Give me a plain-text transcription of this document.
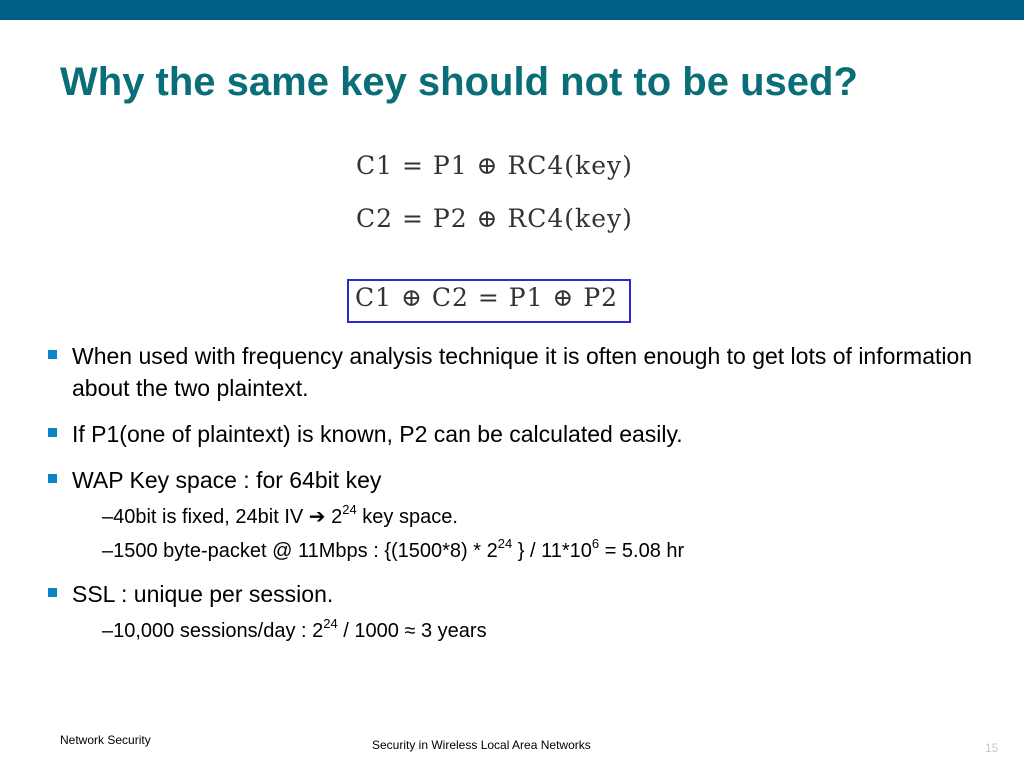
Why the same key should not to be used?
C1 = P1 ⊕ RC4(key)
C2 = P2 ⊕ RC4(key)
C1 ⊕ C2 = P1 ⊕ P2
When used with frequency analysis technique it is often enough to get lots of information about the two plaintext.
If P1(one of plaintext) is known, P2 can be calculated easily.
WAP Key space : for 64bit key
–40bit is fixed, 24bit IV ➔ $2^{24}$ key space.
–1500 byte-packet @ 11Mbps : {$(1500*8) * 2^{24}$ } / $11*10^6 = 5.08$ hr
SSL : unique per session.
–10,000 sessions/day : $2^{24} / 1000 \approx 3$ years
Network Security	Security in Wireless Local Area Networks	15
